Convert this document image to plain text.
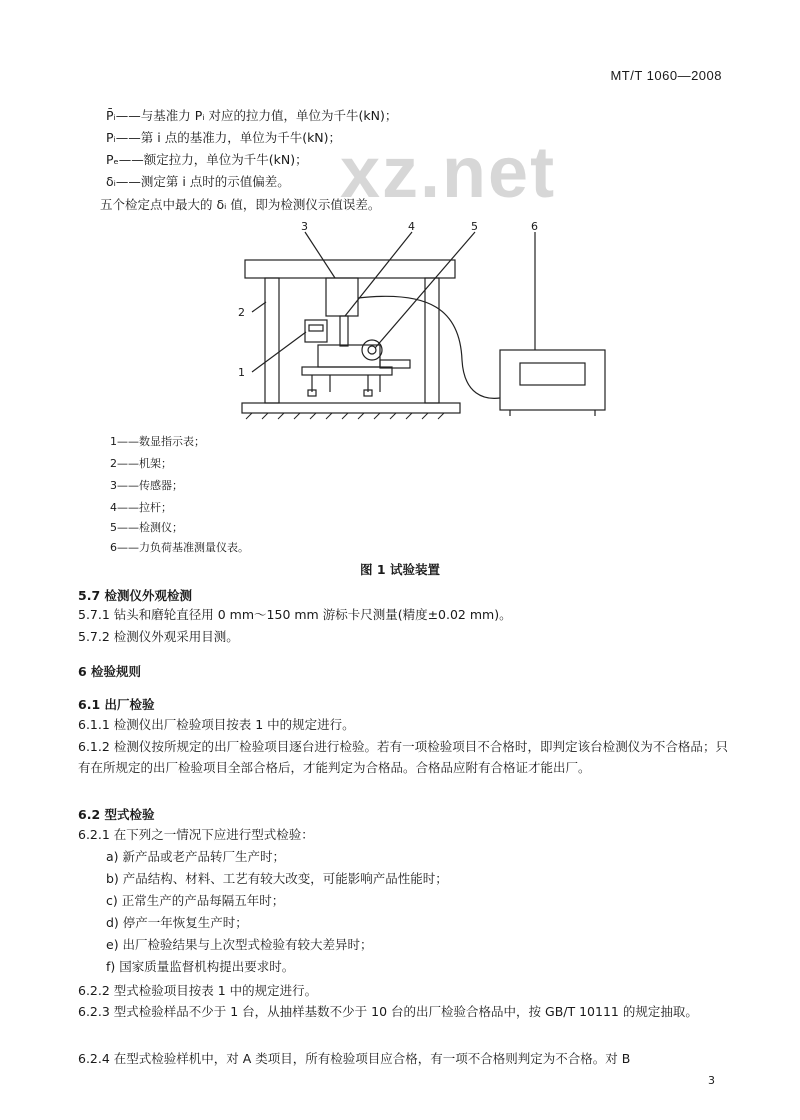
xz.net
MT/T 1060—2008
P̄ᵢ——与基准力 Pᵢ 对应的拉力值，单位为千牛(kN)；
Pᵢ——第 i 点的基准力，单位为千牛(kN)；
Pₑ——额定拉力，单位为千牛(kN)；
δᵢ——测定第 i 点时的示值偏差。
五个检定点中最大的 δᵢ 值，即为检测仪示值误差。
3	4	5	6
2
1
1——数显指示表；
2——机架；
3——传感器；
4——拉杆；
5——检测仪；
6——力负荷基准测量仪表。
图 1 试验装置
5.7 检测仪外观检测
5.7.1 钻头和磨轮直径用 0 mm～150 mm 游标卡尺测量(精度±0.02 mm)。
5.7.2 检测仪外观采用目测。
6 检验规则
6.1 出厂检验
6.1.1 检测仪出厂检验项目按表 1 中的规定进行。
6.1.2 检测仪按所规定的出厂检验项目逐台进行检验。若有一项检验项目不合格时，即判定该台检测仪为不合格品；只有在所规定的出厂检验项目全部合格后，才能判定为合格品。合格品应附有合格证才能出厂。
6.2 型式检验
6.2.1 在下列之一情况下应进行型式检验：
a) 新产品或老产品转厂生产时；
b) 产品结构、材料、工艺有较大改变，可能影响产品性能时；
c) 正常生产的产品每隔五年时；
d) 停产一年恢复生产时；
e) 出厂检验结果与上次型式检验有较大差异时；
f) 国家质量监督机构提出要求时。
6.2.2 型式检验项目按表 1 中的规定进行。
6.2.3 型式检验样品不少于 1 台，从抽样基数不少于 10 台的出厂检验合格品中，按 GB/T 10111 的规定抽取。
6.2.4 在型式检验样机中，对 A 类项目，所有检验项目应合格，有一项不合格则判定为不合格。对 B
3
